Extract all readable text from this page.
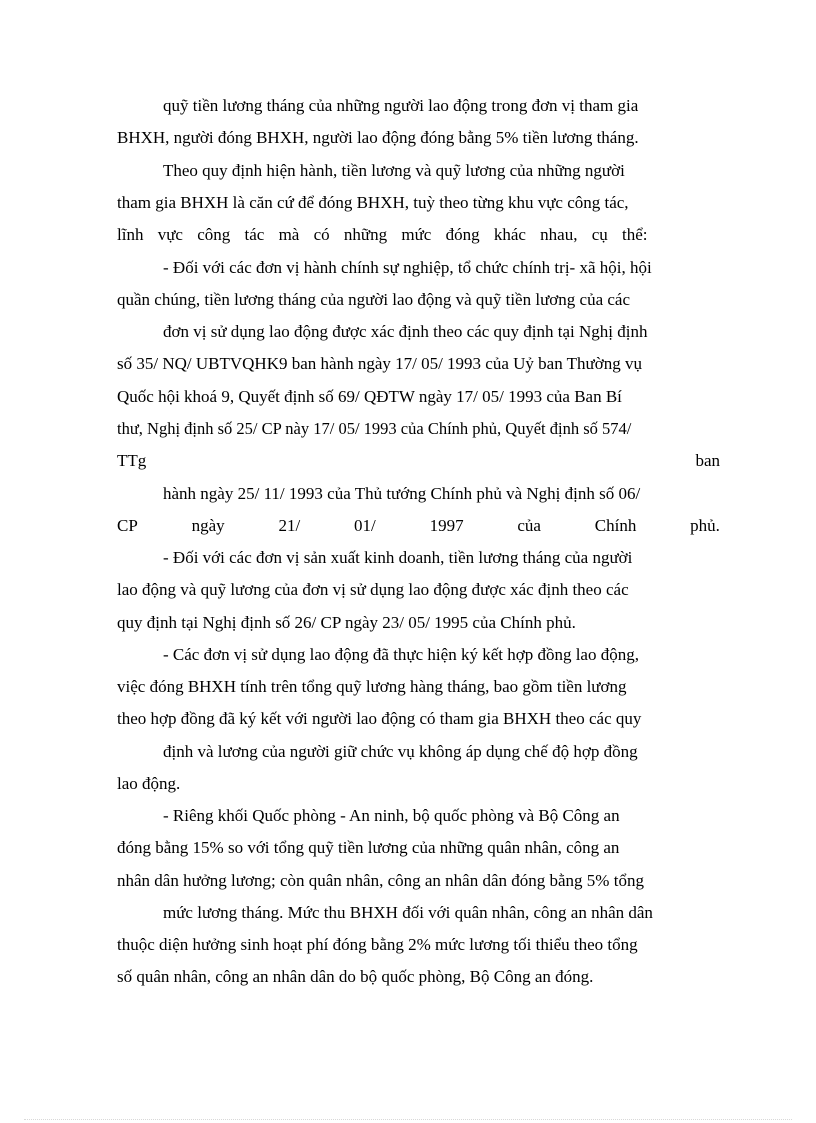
quỹ tiền lương tháng của những người lao động trong đơn vị tham gia
BHXH, người đóng BHXH, người lao động đóng bằng 5% tiền lương tháng.
Theo quy định hiện hành, tiền lương và quỹ lương của những người
tham gia BHXH là căn cứ để đóng BHXH, tuỳ theo từng khu vực công tác,
lĩnh vực công tác mà có những mức đóng khác nhau, cụ thể:
- Đối với các đơn vị hành chính sự nghiệp, tổ chức chính trị- xã hội, hội
quần chúng, tiền lương tháng của người lao động và quỹ tiền lương của các
đơn vị sử dụng lao động được xác định theo các quy định tại Nghị định
số 35/ NQ/ UBTVQHK9 ban hành ngày 17/ 05/ 1993 của Uỷ ban Thường vụ
Quốc hội khoá 9, Quyết định số 69/ QĐTW ngày 17/ 05/ 1993 của Ban Bí
thư, Nghị định số 25/ CP này 17/ 05/ 1993 của Chính phủ, Quyết định số 574/
TTg	ban
hành ngày 25/ 11/ 1993 của Thủ tướng Chính phủ và Nghị định số 06/
CP	ngày	21/	01/	1997	của	Chính	phủ.
- Đối với các đơn vị sản xuất kinh doanh, tiền lương tháng của người
lao động và quỹ lương của đơn vị sử dụng lao động được xác định theo các
quy định tại Nghị định số 26/ CP ngày 23/ 05/ 1995 của Chính phủ.
- Các đơn vị sử dụng lao động đã thực hiện ký kết hợp đồng lao động,
việc đóng BHXH tính trên tổng quỹ lương hàng tháng, bao gồm tiền lương
theo hợp đồng đã ký kết với người lao động có tham gia BHXH theo các quy
định và lương của người giữ chức vụ không áp dụng chế độ hợp đồng
lao động.
- Riêng khối Quốc phòng - An ninh, bộ quốc phòng và Bộ Công an
đóng bằng 15% so với tổng quỹ tiền lương của những quân nhân, công an
nhân dân hưởng lương; còn quân nhân, công an nhân dân đóng bằng 5% tổng
mức lương tháng. Mức thu BHXH đối với quân nhân, công an nhân dân
thuộc diện hưởng sinh hoạt phí đóng bằng 2% mức lương tối thiểu theo tổng
số quân nhân, công an nhân dân do bộ quốc phòng, Bộ Công an đóng.
